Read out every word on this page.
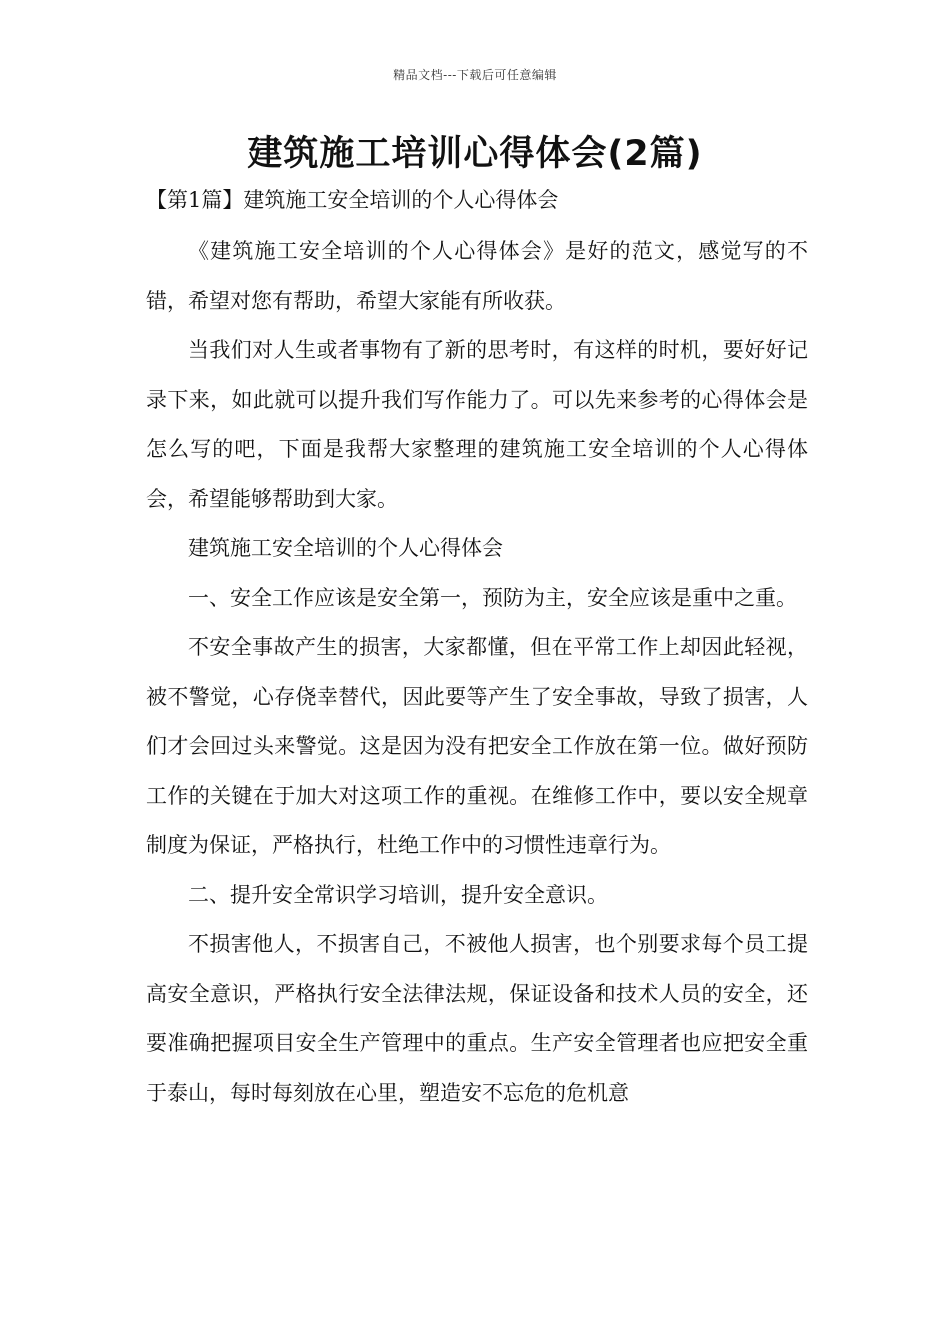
精品文档---下载后可任意编辑
建筑施工培训心得体会(2篇)
【第1篇】建筑施工安全培训的个人心得体会

《建筑施工安全培训的个人心得体会》是好的范文，感觉写的不错，希望对您有帮助，希望大家能有所收获。

当我们对人生或者事物有了新的思考时，有这样的时机，要好好记录下来，如此就可以提升我们写作能力了。可以先来参考的心得体会是怎么写的吧，下面是我帮大家整理的建筑施工安全培训的个人心得体会，希望能够帮助到大家。

建筑施工安全培训的个人心得体会

一、安全工作应该是安全第一，预防为主，安全应该是重中之重。

不安全事故产生的损害，大家都懂，但在平常工作上却因此轻视，被不警觉，心存侥幸替代，因此要等产生了安全事故，导致了损害，人们才会回过头来警觉。这是因为没有把安全工作放在第一位。做好预防工作的关键在于加大对这项工作的重视。在维修工作中，要以安全规章制度为保证，严格执行，杜绝工作中的习惯性违章行为。

二、提升安全常识学习培训，提升安全意识。

不损害他人，不损害自己，不被他人损害，也个别要求每个员工提高安全意识，严格执行安全法律法规，保证设备和技术人员的安全，还要准确把握项目安全生产管理中的重点。生产安全管理者也应把安全重于泰山，每时每刻放在心里，塑造安不忘危的危机意
